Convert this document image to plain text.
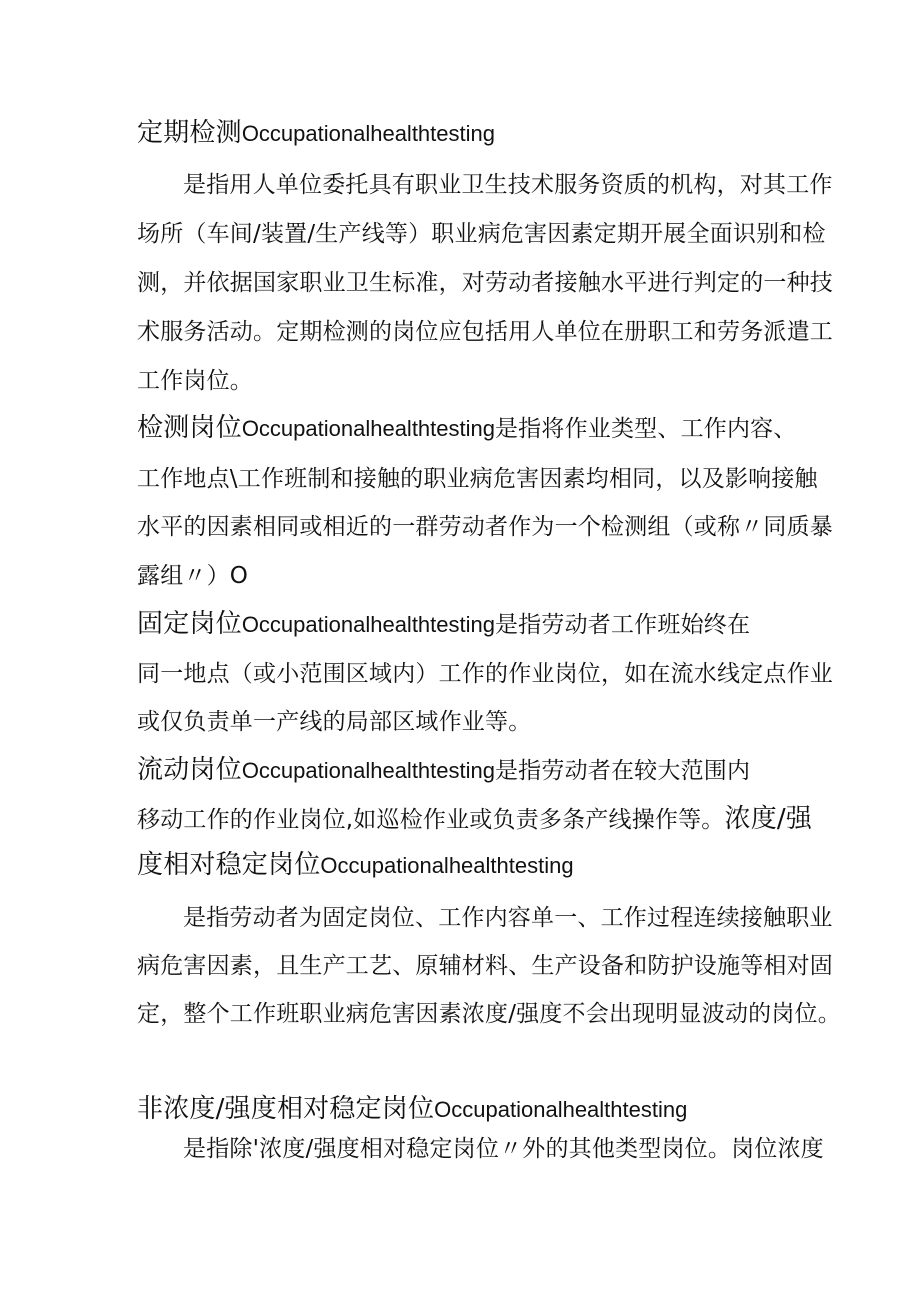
定期检测Occupationalhealthtesting
是指用人单位委托具有职业卫生技术服务资质的机构，对其工作
场所（车间/装置/生产线等）职业病危害因素定期开展全面识别和检
测，并依据国家职业卫生标准，对劳动者接触水平进行判定的一种技
术服务活动。定期检测的岗位应包括用人单位在册职工和劳务派遣工
工作岗位。
检测岗位Occupationalhealthtesting是指将作业类型、工作内容、
工作地点\工作班制和接触的职业病危害因素均相同，以及影响接触
水平的因素相同或相近的一群劳动者作为一个检测组（或称〃同质暴
露组〃）O
固定岗位Occupationalhealthtesting是指劳动者工作班始终在
同一地点（或小范围区域内）工作的作业岗位，如在流水线定点作业
或仅负责单一产线的局部区域作业等。
流动岗位Occupationalhealthtesting是指劳动者在较大范围内
移动工作的作业岗位,如巡检作业或负责多条产线操作等。浓度/强
度相对稳定岗位Occupationalhealthtesting
是指劳动者为固定岗位、工作内容单一、工作过程连续接触职业
病危害因素，且生产工艺、原辅材料、生产设备和防护设施等相对固
定，整个工作班职业病危害因素浓度/强度不会出现明显波动的岗位。
非浓度/强度相对稳定岗位Occupationalhealthtesting
是指除'浓度/强度相对稳定岗位〃外的其他类型岗位。岗位浓度
